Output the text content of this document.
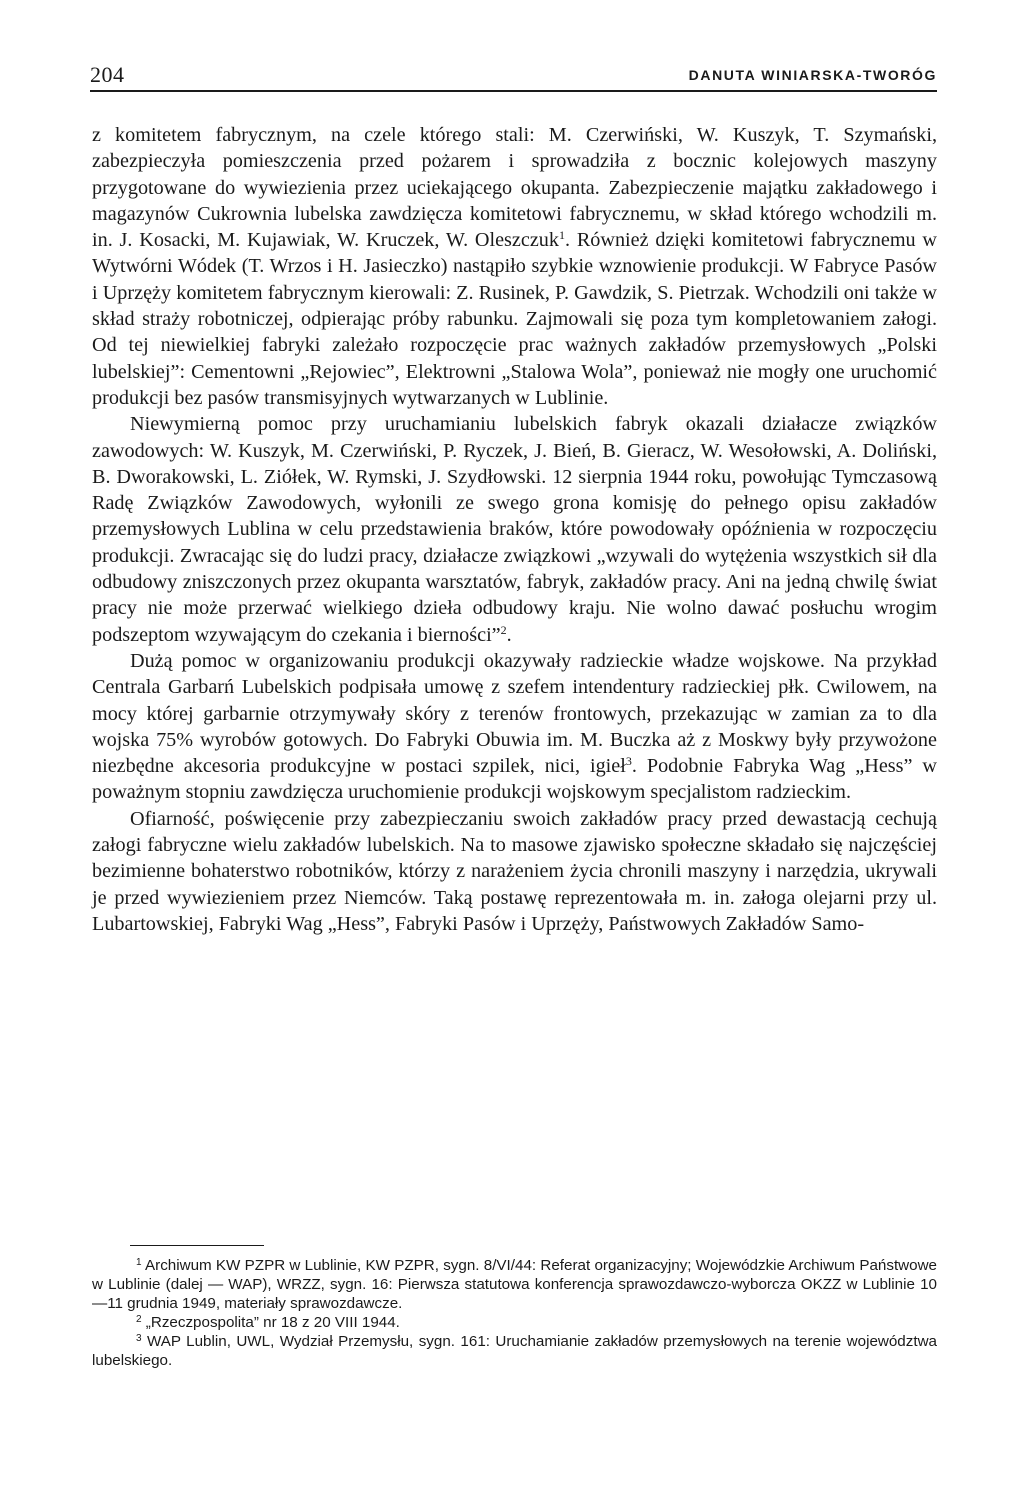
204	DANUTA WINIARSKA-TWORÓG

z komitetem fabrycznym, na czele którego stali: M. Czerwiński, W. Kuszyk, T. Szymański, zabezpieczyła pomieszczenia przed pożarem i sprowadziła z bocznic kolejowych maszyny przygotowane do wywiezienia przez uciekającego okupanta. Zabezpieczenie majątku zakładowego i magazynów Cukrownia lubelska zawdzięcza komitetowi fabrycznemu, w skład którego wchodzili m. in. J. Kosacki, M. Kujawiak, W. Kruczek, W. Oleszczuk$^1$. Również dzięki komitetowi fabrycznemu w Wytwórni Wódek (T. Wrzos i H. Jasieczko) nastąpiło szybkie wznowienie produkcji. W Fabryce Pasów i Uprzęży komitetem fabrycznym kierowali: Z. Rusinek, P. Gawdzik, S. Pietrzak. Wchodzili oni także w skład straży robotniczej, odpierając próby rabunku. Zajmowali się poza tym kompletowaniem załogi. Od tej niewielkiej fabryki zależało rozpoczęcie prac ważnych zakładów przemysłowych „Polski lubelskiej”: Cementowni „Rejowiec”, Elektrowni „Stalowa Wola”, ponieważ nie mogły one uruchomić produkcji bez pasów transmisyjnych wytwarzanych w Lublinie.

Niewymierną pomoc przy uruchamianiu lubelskich fabryk okazali działacze związków zawodowych: W. Kuszyk, M. Czerwiński, P. Ryczek, J. Bień, B. Gieracz, W. Wesołowski, A. Doliński, B. Dworakowski, L. Ziółek, W. Rymski, J. Szydłowski. 12 sierpnia 1944 roku, powołując Tymczasową Radę Związków Zawodowych, wyłonili ze swego grona komisję do pełnego opisu zakładów przemysłowych Lublina w celu przedstawienia braków, które powodowały opóźnienia w rozpoczęciu produkcji. Zwracając się do ludzi pracy, działacze związkowi „wzywali do wytężenia wszystkich sił dla odbudowy zniszczonych przez okupanta warsztatów, fabryk, zakładów pracy. Ani na jedną chwilę świat pracy nie może przerwać wielkiego dzieła odbudowy kraju. Nie wolno dawać posłuchu wrogim podszeptom wzywającym do czekania i bierności”$^2$.

Dużą pomoc w organizowaniu produkcji okazywały radzieckie władze wojskowe. Na przykład Centrala Garbarń Lubelskich podpisała umowę z szefem intendentury radzieckiej płk. Cwilowem, na mocy której garbarnie otrzymywały skóry z terenów frontowych, przekazując w zamian za to dla wojska 75% wyrobów gotowych. Do Fabryki Obuwia im. M. Buczka aż z Moskwy były przywożone niezbędne akcesoria produkcyjne w postaci szpilek, nici, igieł$^3$. Podobnie Fabryka Wag „Hess” w poważnym stopniu zawdzięcza uruchomienie produkcji wojskowym specjalistom radzieckim.

Ofiarność, poświęcenie przy zabezpieczaniu swoich zakładów pracy przed dewastacją cechują załogi fabryczne wielu zakładów lubelskich. Na to masowe zjawisko społeczne składało się najczęściej bezimienne bohaterstwo robotników, którzy z narażeniem życia chronili maszyny i narzędzia, ukrywali je przed wywiezieniem przez Niemców. Taką postawę reprezentowała m. in. załoga olejarni przy ul. Lubartowskiej, Fabryki Wag „Hess”, Fabryki Pasów i Uprzęży, Państwowych Zakładów Samo-

$^1$ Archiwum KW PZPR w Lublinie, KW PZPR, sygn. 8/VI/44: Referat organizacyjny; Wojewódzkie Archiwum Państwowe w Lublinie (dalej — WAP), WRZZ, sygn. 16: Pierwsza statutowa konferencja sprawozdawczo-wyborcza OKZZ w Lublinie 10—11 grudnia 1949, materiały sprawozdawcze.

$^2$ „Rzeczpospolita” nr 18 z 20 VIII 1944.

$^3$ WAP Lublin, UWL, Wydział Przemysłu, sygn. 161: Uruchamianie zakładów przemysłowych na terenie województwa lubelskiego.
